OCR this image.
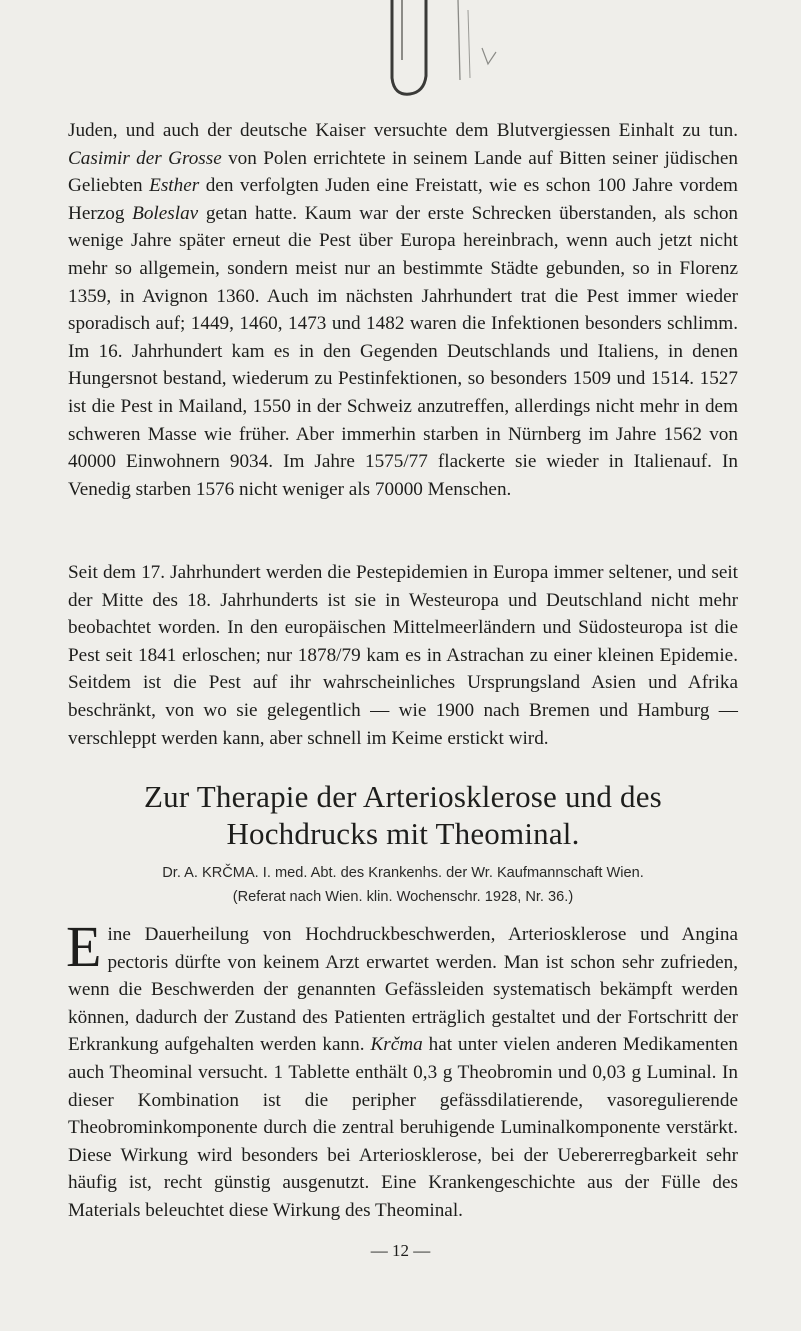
Juden, und auch der deutsche Kaiser versuchte dem Blutvergiessen Einhalt zu tun. Casimir der Grosse von Polen errichtete in seinem Lande auf Bitten seiner jüdischen Geliebten Esther den verfolgten Juden eine Freistatt, wie es schon 100 Jahre vordem Herzog Boleslav getan hatte. Kaum war der erste Schrecken überstanden, als schon wenige Jahre später erneut die Pest über Europa hereinbrach, wenn auch jetzt nicht mehr so allgemein, sondern meist nur an bestimmte Städte gebunden, so in Florenz 1359, in Avignon 1360. Auch im nächsten Jahrhundert trat die Pest immer wieder sporadisch auf; 1449, 1460, 1473 und 1482 waren die Infektionen besonders schlimm. Im 16. Jahrhundert kam es in den Gegenden Deutschlands und Italiens, in denen Hungersnot bestand, wiederum zu Pestinfektionen, so besonders 1509 und 1514. 1527 ist die Pest in Mailand, 1550 in der Schweiz anzutreffen, allerdings nicht mehr in dem schweren Masse wie früher. Aber immerhin starben in Nürnberg im Jahre 1562 von 40000 Einwohnern 9034. Im Jahre 1575/77 flackerte sie wieder in Italienauf. In Venedig starben 1576 nicht weniger als 70000 Menschen.

Seit dem 17. Jahrhundert werden die Pestepidemien in Europa immer seltener, und seit der Mitte des 18. Jahrhunderts ist sie in Westeuropa und Deutschland nicht mehr beobachtet worden. In den europäischen Mittelmeerländern und Südosteuropa ist die Pest seit 1841 erloschen; nur 1878/79 kam es in Astrachan zu einer kleinen Epidemie. Seitdem ist die Pest auf ihr wahrscheinliches Ursprungsland Asien und Afrika beschränkt, von wo sie gelegentlich — wie 1900 nach Bremen und Hamburg — verschleppt werden kann, aber schnell im Keime erstickt wird.

Zur Therapie der Arteriosklerose und des
Hochdrucks mit Theominal.
Dr. A. KRČMA. I. med. Abt. des Krankenhs. der Wr. Kaufmannschaft Wien.
(Referat nach Wien. klin. Wochenschr. 1928, Nr. 36.)

Eine Dauerheilung von Hochdruckbeschwerden, Arteriosklerose und Angina pectoris dürfte von keinem Arzt erwartet werden. Man ist schon sehr zufrieden, wenn die Beschwerden der genannten Gefässleiden systematisch bekämpft werden können, dadurch der Zustand des Patienten erträglich gestaltet und der Fortschritt der Erkrankung aufgehalten werden kann. Krčma hat unter vielen anderen Medikamenten auch Theominal versucht. 1 Tablette enthält 0,3 g Theobromin und 0,03 g Luminal. In dieser Kombination ist die peripher gefässdilatierende, vasoregulierende Theobrominkomponente durch die zentral beruhigende Luminalkomponente verstärkt. Diese Wirkung wird besonders bei Arteriosklerose, bei der Uebererregbarkeit sehr häufig ist, recht günstig ausgenutzt. Eine Krankengeschichte aus der Fülle des Materials beleuchtet diese Wirkung des Theominal.

— 12 —
